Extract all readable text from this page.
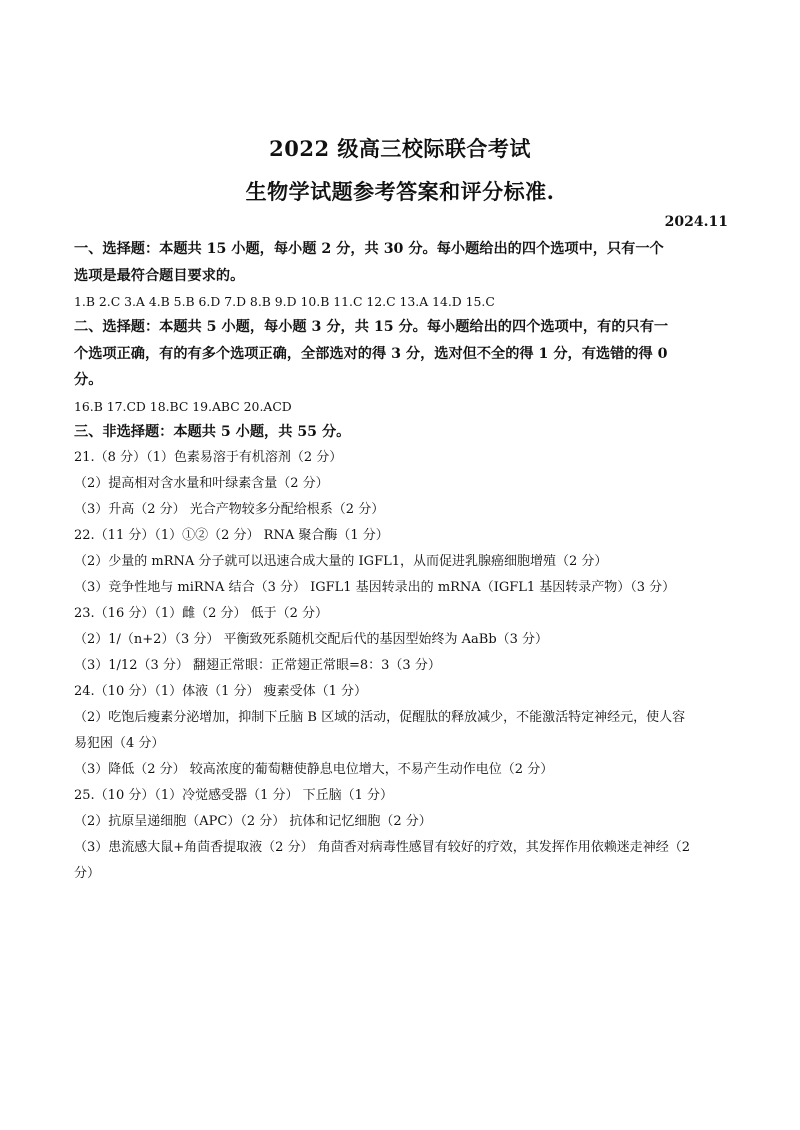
2022 级高三校际联合考试
生物学试题参考答案和评分标准.
2024.11
一、选择题：本题共 15 小题，每小题 2 分，共 30 分。每小题给出的四个选项中，只有一个
选项是最符合题目要求的。
1.B 2.C 3.A 4.B 5.B 6.D 7.D 8.B 9.D 10.B 11.C 12.C 13.A 14.D 15.C
二、选择题：本题共 5 小题，每小题 3 分，共 15 分。每小题给出的四个选项中，有的只有一
个选项正确，有的有多个选项正确，全部选对的得 3 分，选对但不全的得 1 分，有选错的得 0
分。
16.B 17.CD 18.BC 19.ABC 20.ACD
三、非选择题：本题共 5 小题，共 55 分。
21.（8 分）（1）色素易溶于有机溶剂（2 分）
（2）提高相对含水量和叶绿素含量（2 分）
（3）升高（2 分） 光合产物较多分配给根系（2 分）
22.（11 分）（1）①②（2 分） RNA 聚合酶（1 分）
（2）少量的 mRNA 分子就可以迅速合成大量的 IGFL1，从而促进乳腺癌细胞增殖（2 分）
（3）竞争性地与 miRNA 结合（3 分） IGFL1 基因转录出的 mRNA（IGFL1 基因转录产物）（3 分）
23.（16 分）（1）雌（2 分） 低于（2 分）
（2）1/（n+2）（3 分） 平衡致死系随机交配后代的基因型始终为 AaBb（3 分）
（3）1/12（3 分） 翻翅正常眼：正常翅正常眼=8：3（3 分）
24.（10 分）（1）体液（1 分） 瘦素受体（1 分）
（2）吃饱后瘦素分泌增加，抑制下丘脑 B 区域的活动，促醒肽的释放减少，不能激活特定神经元，使人容
易犯困（4 分）
（3）降低（2 分） 较高浓度的葡萄糖使静息电位增大，不易产生动作电位（2 分）
25.（10 分）（1）冷觉感受器（1 分） 下丘脑（1 分）
（2）抗原呈递细胞（APC）（2 分） 抗体和记忆细胞（2 分）
（3）患流感大鼠+角茴香提取液（2 分） 角茴香对病毒性感冒有较好的疗效，其发挥作用依赖迷走神经（2
分）
